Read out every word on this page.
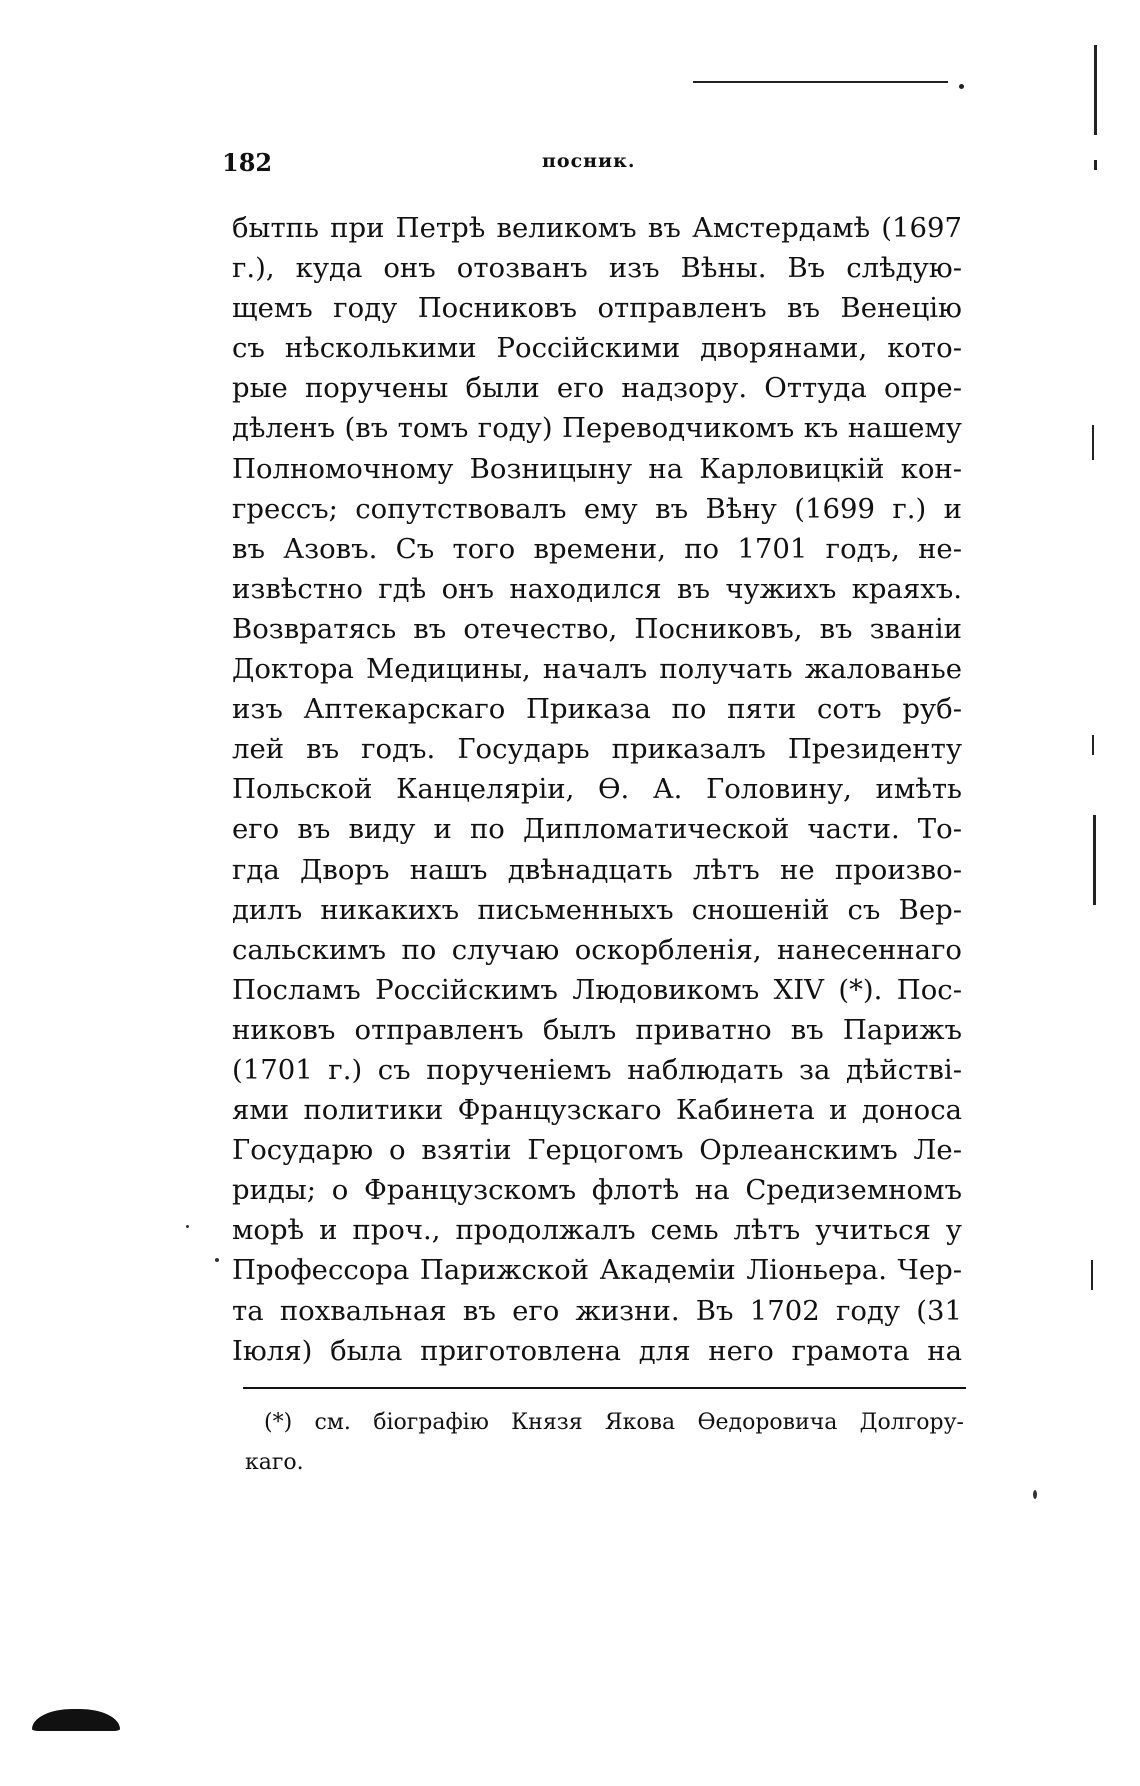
182	посник.
бытпь при Петрѣ великомъ въ Амстердамѣ (1697
г.), куда онъ отозванъ изъ Вѣны. Въ слѣдую-
щемъ году Посниковъ отправленъ въ Венецію
съ нѣсколькими Россійскими дворянами, кото-
рые поручены были его надзору. Оттуда опре-
дѣленъ (въ томъ году) Переводчикомъ къ нашему
Полномочному Возницыну на Карловицкій кон-
грессъ; сопутствовалъ ему въ Вѣну (1699 г.) и
въ Азовъ. Съ того времени, по 1701 годъ, не-
извѣстно гдѣ онъ находился въ чужихъ краяхъ.
Возвратясь въ отечество, Посниковъ, въ званіи
Доктора Медицины, началъ получать жалованье
изъ Аптекарскаго Приказа по пяти сотъ руб-
лей въ годъ. Государь приказалъ Президенту
Польской Канцеляріи, Ѳ. А. Головину, имѣть
его въ виду и по Дипломатической части. То-
гда Дворъ нашъ двѣнадцать лѣтъ не произво-
дилъ никакихъ письменныхъ сношеній съ Вер-
сальскимъ по случаю оскорбленія, нанесеннаго
Посламъ Россійскимъ Людовикомъ XIV (*). Пос-
никовъ отправленъ былъ приватно въ Парижъ
(1701 г.) съ порученіемъ наблюдать за дѣйстві-
ями политики Французскаго Кабинета и доноса
Государю о взятіи Герцогомъ Орлеанскимъ Ле-
риды; о Французскомъ флотѣ на Средиземномъ
морѣ и проч., продолжалъ семь лѣтъ учиться у
Профессора Парижской Академіи Ліоньера. Чер-
та похвальная въ его жизни. Въ 1702 году (31
Іюля) была приготовлена для него грамота на
(*) см. біографію Князя Якова Ѳедоровича Долгору-
каго.
